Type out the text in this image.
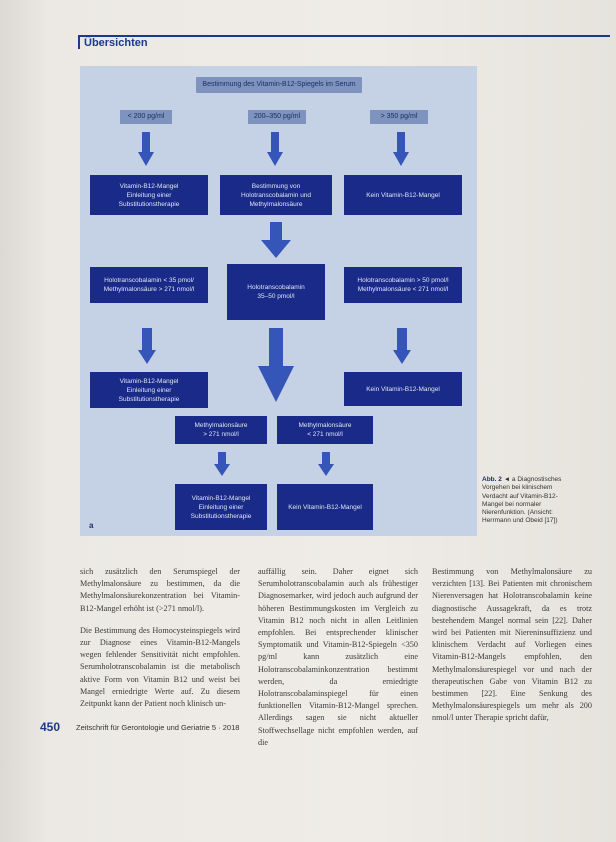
Übersichten
Bestimmung des Vitamin-B12-Spiegels im Serum
< 200 pg/ml	200–350 pg/ml	> 350 pg/ml
Vitamin-B12-Mangel
Einleitung einer
Substitutionstherapie
Bestimmung von
Holotranscobalamin und
Methylmalonsäure
Kein Vitamin-B12-Mangel
Holotranscobalamin < 35 pmol/
Methylmalonsäure > 271 nmol/l	Holotranscobalamin
35–50 pmol/l
Holotranscobalamin > 50 pmol/l
Methylmalonsäure < 271 nmol/l
Vitamin-B12-Mangel
Einleitung einer
Substitutionstherapie
Kein Vitamin-B12-Mangel
Methylmalonsäure
> 271 nmol/l
Methylmalonsäure
< 271 nmol/l
Vitamin-B12-Mangel
Einleitung einer
Substitutionstherapie
Kein Vitamin-B12-Mangel
a
Abb. 2 ◄ a Diagnostisches Vorgehen bei klinischem Verdacht auf Vitamin-B12-Mangel bei normaler Nierenfunktion. (Ansicht: Herrmann und Obeid [17])

sich zusätzlich den Serumspiegel der Methylmalonsäure zu bestimmen, da die Methylmalonsäurekonzentration bei Vitamin-B12-Mangel erhöht ist (>271 nmol/l).

Die Bestimmung des Homocysteinspiegels wird zur Diagnose eines Vitamin-B12-Mangels wegen fehlender Sensitivität nicht empfohlen. Serumholotranscobalamin ist die metabolisch aktive Form von Vitamin B12 und weist bei Mangel erniedrigte Werte auf. Zu diesem Zeitpunkt kann der Patient noch klinisch un-

auffällig sein. Daher eignet sich Serumholotranscobalamin auch als frühestiger Diagnosemarker, wird jedoch auch aufgrund der höheren Bestimmungskosten im Vergleich zu Vitamin B12 noch nicht in allen Leitlinien empfohlen. Bei entsprechender klinischer Symptomatik und Vitamin-B12-Spiegeln <350 pg/ml kann zusätzlich eine Holotranscobalaminkonzentration bestimmt werden, da erniedrigte Holotranscobalaminspiegel für einen funktionellen Vitamin-B12-Mangel sprechen. Allerdings sagen sie nicht aktueller Stoffwechsellage nicht empfohlen werden, auf die

Bestimmung von Methylmalonsäure zu verzichten [13]. Bei Patienten mit chronischem Nierenversagen hat Holotranscobalamin keine diagnostische Aussagekraft, da es trotz bestehendem Mangel normal sein [22]. Daher wird bei Patienten mit Niereninsuffizienz und klinischem Verdacht auf Vorliegen eines Vitamin-B12-Mangels empfohlen, den Methylmalonsäurespiegel vor und nach der therapeutischen Gabe von Vitamin B12 zu bestimmen [22]. Eine Senkung des Methylmalonsäurespiegels um mehr als 200 nmol/l unter Therapie spricht dafür,

450 Zeitschrift für Gerontologie und Geriatrie 5 · 2018
